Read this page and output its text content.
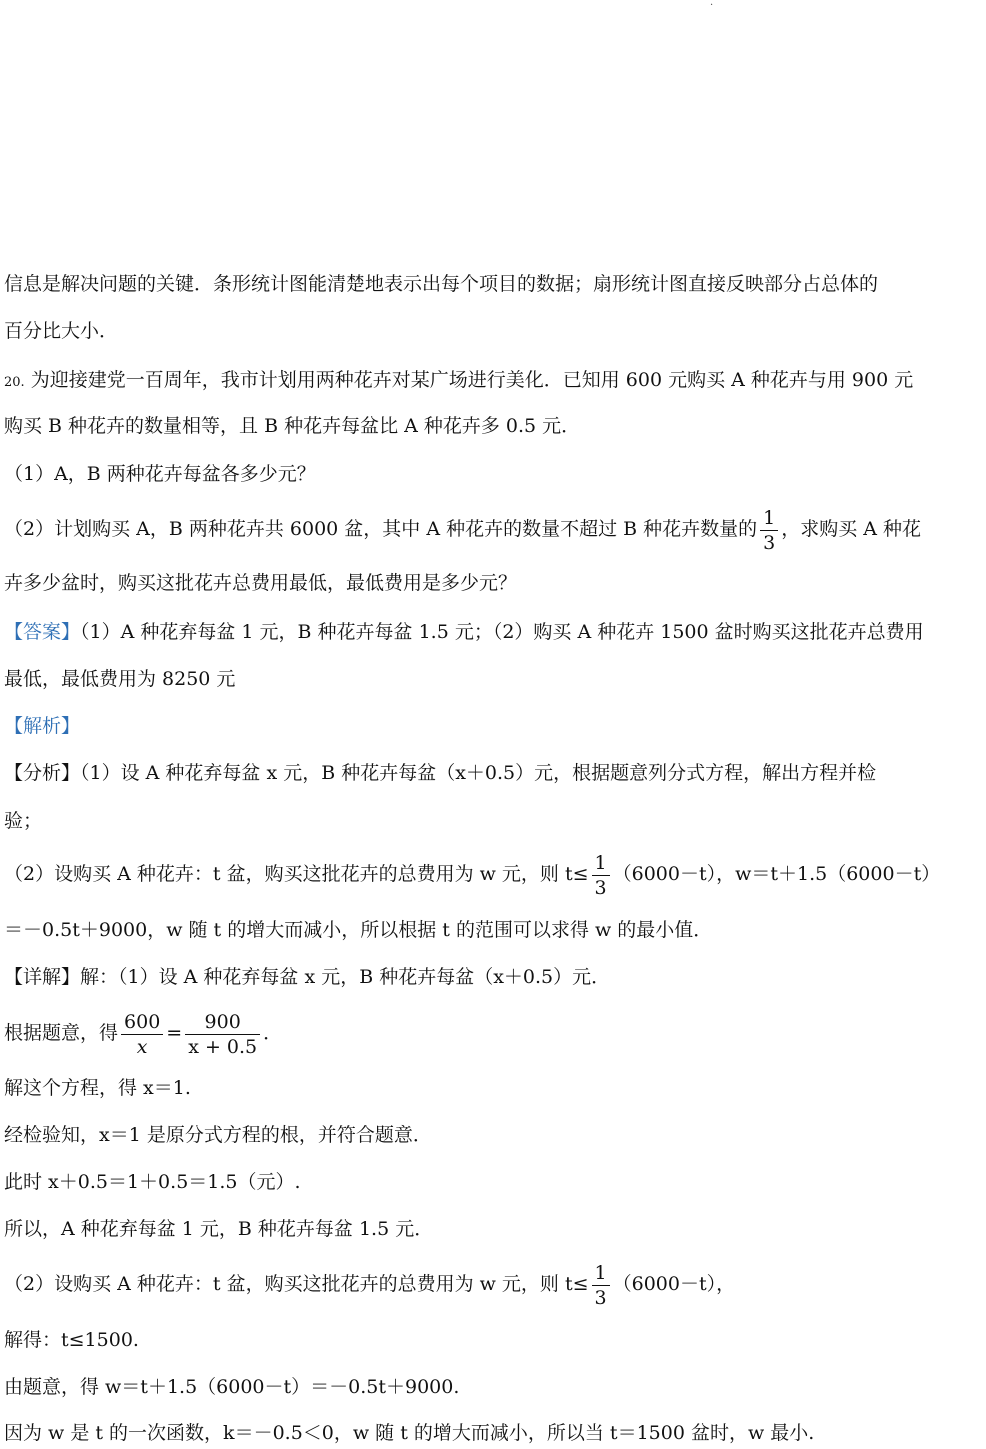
·
信息是解决问题的关键．条形统计图能清楚地表示出每个项目的数据；扇形统计图直接反映部分占总体的
百分比大小．
20. 为迎接建党一百周年，我市计划用两种花卉对某广场进行美化．已知用 600 元购买 A 种花卉与用 900 元
购买 B 种花卉的数量相等，且 B 种花卉每盆比 A 种花卉多 0.5 元．
（1）A，B 两种花卉每盆各多少元？
（2）计划购买 A，B 两种花卉共 6000 盆，其中 A 种花卉的数量不超过 B 种花卉数量的 $\frac{1}{3}$ ，求购买 A 种花
卉多少盆时，购买这批花卉总费用最低，最低费用是多少元？
【答案】（1）A 种花弃每盆 1 元，B 种花卉每盆 1.5 元；（2）购买 A 种花卉 1500 盆时购买这批花卉总费用
最低，最低费用为 8250 元
【解析】
【分析】（1）设 A 种花弃每盆 x 元，B 种花卉每盆（x＋0.5）元，根据题意列分式方程，解出方程并检
验；
（2）设购买 A 种花卉：t 盆，购买这批花卉的总费用为 w 元，则 $t\le \frac{1}{3} (6000-t)$，w＝t＋1.5（6000－t）
＝－0.5t＋9000，w 随 t 的增大而减小，所以根据 t 的范围可以求得 w 的最小值．
【详解】解：（1）设 A 种花弃每盆 x 元，B 种花卉每盆（x＋0.5）元．
根据题意，得 $\frac{600}{x} = \frac{900}{x + 0.5}$ ．
解这个方程，得 x＝1.
经检验知，x＝1 是原分式方程的根，并符合题意．
此时 x＋0.5＝1＋0.5＝1.5（元）.
所以，A 种花弃每盆 1 元，B 种花卉每盆 1.5 元．
（2）设购买 A 种花卉：t 盆，购买这批花卉的总费用为 w 元，则 $t\le \frac{1}{3} (6000-t)$，
解得：t≤1500.
由题意，得 w＝t＋1.5（6000－t）＝－0.5t＋9000.
因为 w 是 t 的一次函数，k＝－0.5＜0，w 随 t 的增大而减小，所以当 t＝1500 盆时，w 最小.
